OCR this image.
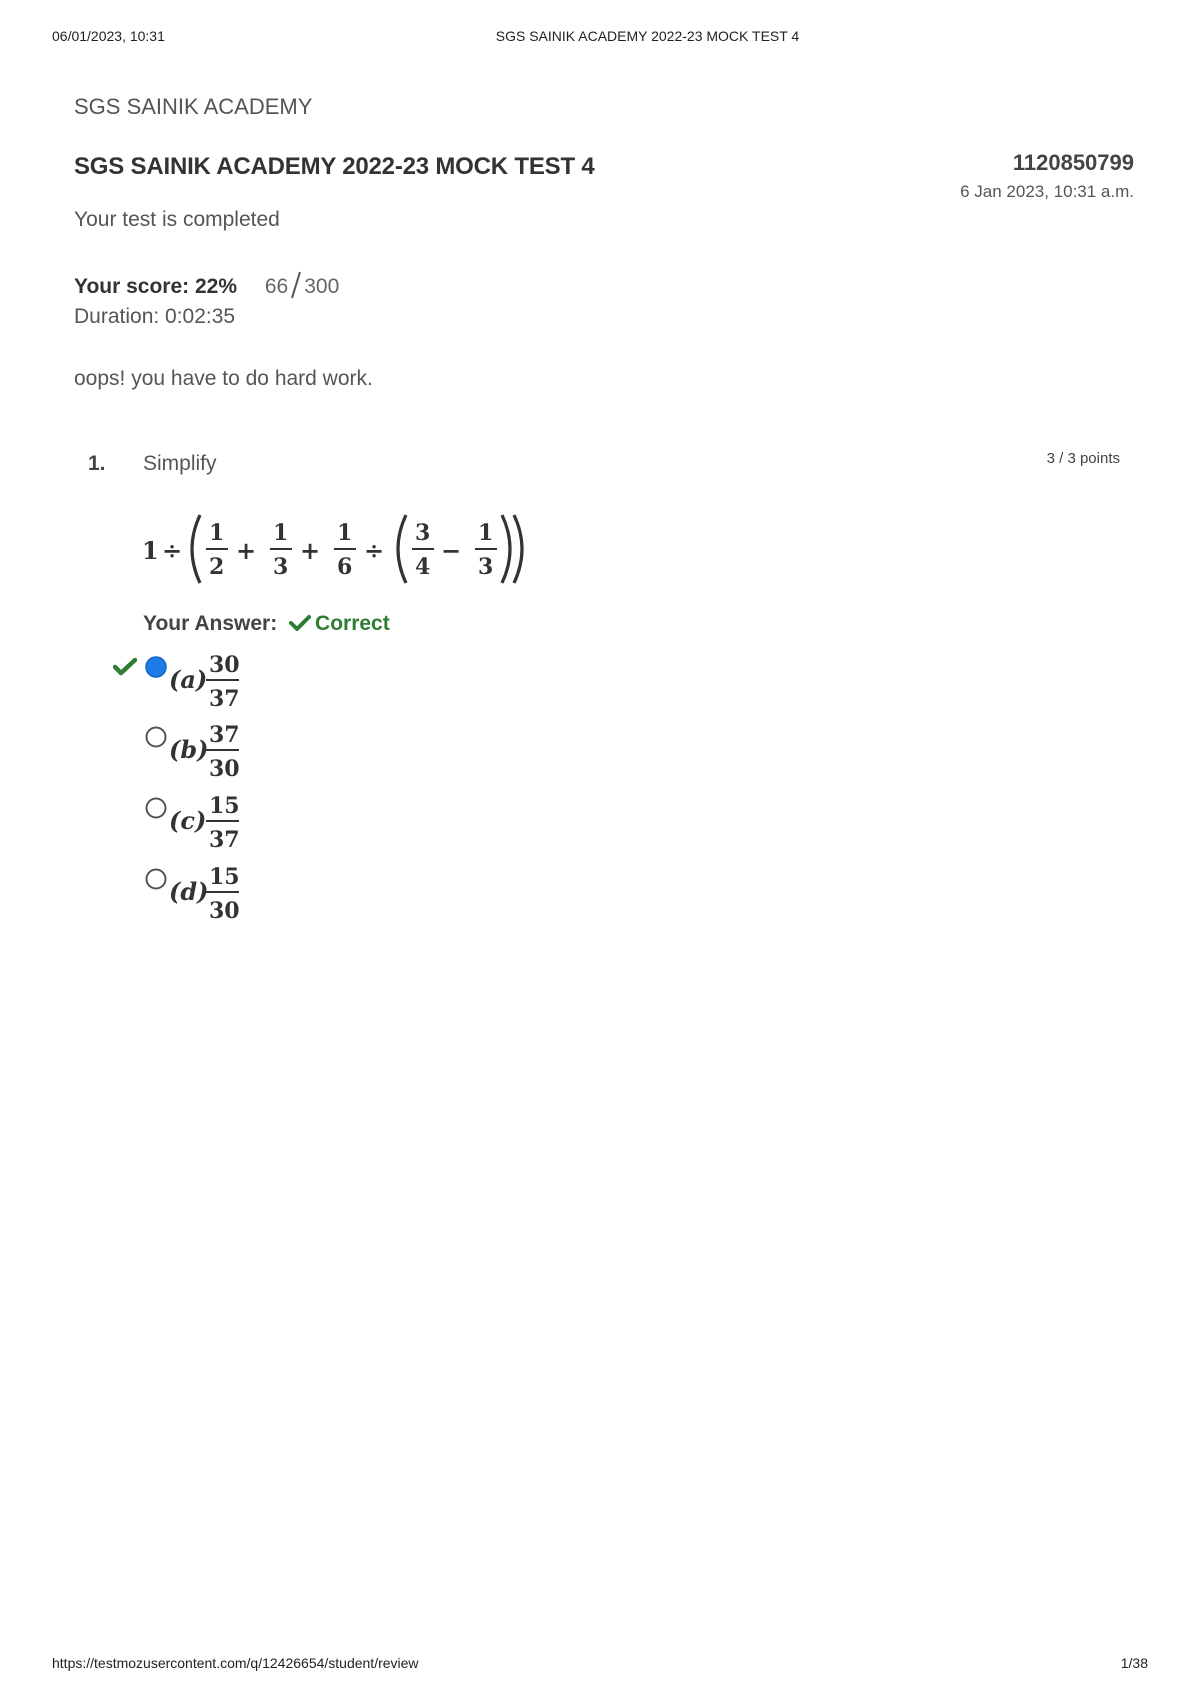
06/01/2023, 10:31	SGS SAINIK ACADEMY 2022-23 MOCK TEST 4
SGS SAINIK ACADEMY
SGS SAINIK ACADEMY 2022-23 MOCK TEST 4	1120850799
6 Jan 2023, 10:31 a.m.
Your test is completed
Your score: 22% 66 300
Duration: 0:02:35
oops! you have to do hard work.
1. Simplify	3 / 3 points
1 ÷
1
2
+
1
3
+
1
6
÷
3
4
−
1
3
Your Answer: Correct
(a) 30
37
(b) 37
30
(c) 15
37
(d) 15
30
https://testmozusercontent.com/q/12426654/student/review	1/38
